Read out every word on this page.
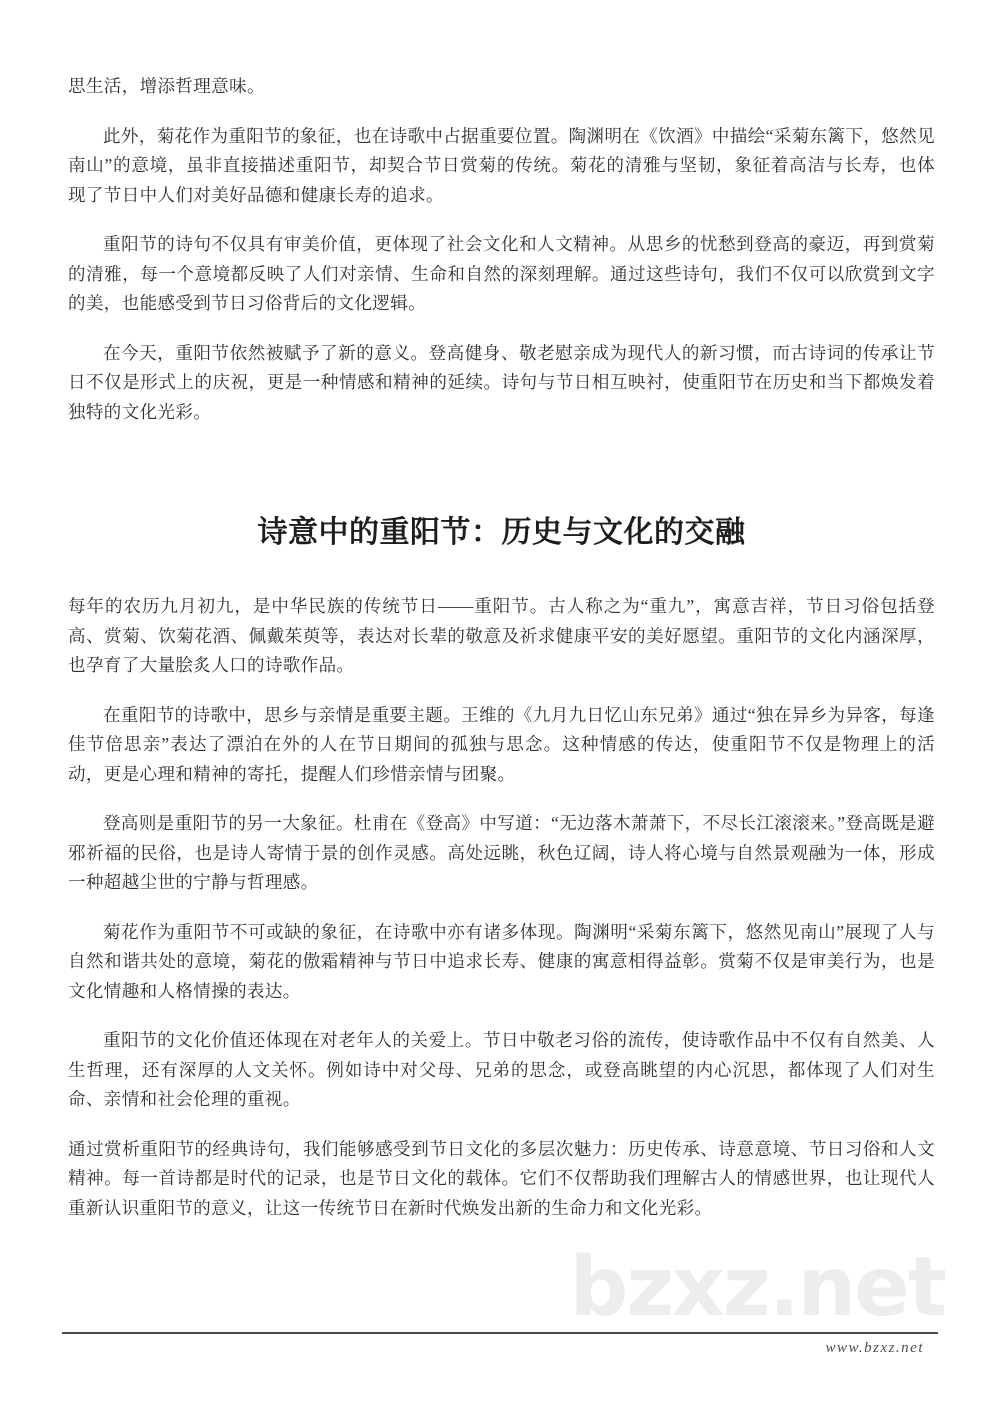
bzxz.net

思生活，增添哲理意味。

此外，菊花作为重阳节的象征，也在诗歌中占据重要位置。陶渊明在《饮酒》中描绘“采菊东篱下，悠然见南山”的意境，虽非直接描述重阳节，却契合节日赏菊的传统。菊花的清雅与坚韧，象征着高洁与长寿，也体现了节日中人们对美好品德和健康长寿的追求。

重阳节的诗句不仅具有审美价值，更体现了社会文化和人文精神。从思乡的忧愁到登高的豪迈，再到赏菊的清雅，每一个意境都反映了人们对亲情、生命和自然的深刻理解。通过这些诗句，我们不仅可以欣赏到文字的美，也能感受到节日习俗背后的文化逻辑。

在今天，重阳节依然被赋予了新的意义。登高健身、敬老慰亲成为现代人的新习惯，而古诗词的传承让节日不仅是形式上的庆祝，更是一种情感和精神的延续。诗句与节日相互映衬，使重阳节在历史和当下都焕发着独特的文化光彩。

诗意中的重阳节：历史与文化的交融

每年的农历九月初九，是中华民族的传统节日——重阳节。古人称之为“重九”，寓意吉祥，节日习俗包括登高、赏菊、饮菊花酒、佩戴茱萸等，表达对长辈的敬意及祈求健康平安的美好愿望。重阳节的文化内涵深厚，也孕育了大量脍炙人口的诗歌作品。

在重阳节的诗歌中，思乡与亲情是重要主题。王维的《九月九日忆山东兄弟》通过“独在异乡为异客，每逢佳节倍思亲”表达了漂泊在外的人在节日期间的孤独与思念。这种情感的传达，使重阳节不仅是物理上的活动，更是心理和精神的寄托，提醒人们珍惜亲情与团聚。

登高则是重阳节的另一大象征。杜甫在《登高》中写道：“无边落木萧萧下，不尽长江滚滚来。”登高既是避邪祈福的民俗，也是诗人寄情于景的创作灵感。高处远眺，秋色辽阔，诗人将心境与自然景观融为一体，形成一种超越尘世的宁静与哲理感。

菊花作为重阳节不可或缺的象征，在诗歌中亦有诸多体现。陶渊明“采菊东篱下，悠然见南山”展现了人与自然和谐共处的意境，菊花的傲霜精神与节日中追求长寿、健康的寓意相得益彰。赏菊不仅是审美行为，也是文化情趣和人格情操的表达。

重阳节的文化价值还体现在对老年人的关爱上。节日中敬老习俗的流传，使诗歌作品中不仅有自然美、人生哲理，还有深厚的人文关怀。例如诗中对父母、兄弟的思念，或登高眺望的内心沉思，都体现了人们对生命、亲情和社会伦理的重视。

通过赏析重阳节的经典诗句，我们能够感受到节日文化的多层次魅力：历史传承、诗意意境、节日习俗和人文精神。每一首诗都是时代的记录，也是节日文化的载体。它们不仅帮助我们理解古人的情感世界，也让现代人重新认识重阳节的意义，让这一传统节日在新时代焕发出新的生命力和文化光彩。

www.bzxz.net
